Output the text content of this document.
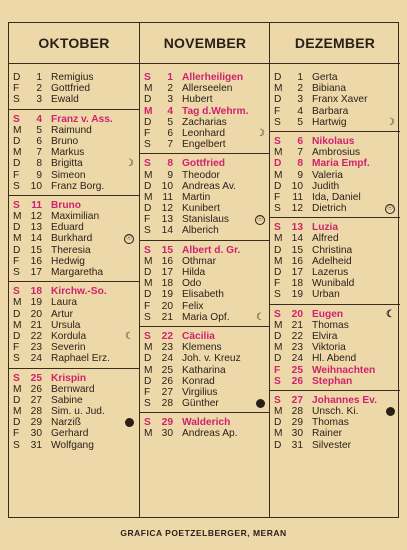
OKTOBER
D	1 Remigius
F	2 Gottfried
S	3 Ewald
S	4 Franz v. Ass.
M	5 Raimund
D	6 Bruno
M	7 Markus
D	8 Brigitta	☽
F	9 Simeon
S 10 Franz Borg.
S	11 Bruno
M 12 Maximilian
D 13 Eduard
M 14 Burkhard	☉
D 15 Theresia
F 16 Hedwig
S 17 Margaretha
S 18 Kirchw.-So.
M 19 Laura
D 20 Artur
M 21 Ursula
D 22 Kordula	☾
F 23 Severin
S 24 Raphael Erz.
S 25 Krispin
M 26 Bernward
D 27 Sabine
M 28 Sim. u. Jud.
D 29 Narziß
F 30 Gerhard
S 31 Wolfgang
NOVEMBER
S	1 Allerheiligen
M	2 Allerseelen
D	3 Hubert
M	4 Tag d.Wehrm.
D	5 Zacharias
F	6 Leonhard	☽
S	7 Engelbert
S	8 Gottfried
M	9 Theodor
D 10 Andreas Av.
M 11 Martin
D 12 Kunibert
F 13 Stanislaus	☉
S 14 Alberich
S 15 Albert d. Gr.
M 16 Othmar
D 17 Hilda
M 18 Odo
D 19 Elisabeth
F 20 Felix
S 21 Maria Opf.	☾
S 22 Cäcilia
M 23 Klemens
D 24 Joh. v. Kreuz
M 25 Katharina
D 26 Konrad
F 27 Virgilius
S 28 Günther
S 29 Walderich
M 30 Andreas Ap.
DEZEMBER
D	1 Gerta
M	2 Bibiana
D	3 Franx Xaver
F	4 Barbara
S	5 Hartwig	☽
S	6 Nikolaus
M	7 Ambrosius
D	8 Maria Empf.
M	9 Valeria
D 10 Judith
F	11 Ida, Daniel
S 12 Dietrich	☉
S 13 Luzia
M 14 Alfred
D 15 Christina
M 16 Adelheid
D 17 Lazerus
F 18 Wunibald
S 19 Urban
S 20 Eugen	☾
M 21 Thomas
D 22 Elvira
M 23 Viktoria
D 24 Hl. Abend
F 25 Weihnachten
S 26 Stephan
S 27 Johannes Ev.
M 28 Unsch. Ki.
D 29 Thomas
M 30 Rainer
D 31 Silvester
GRAFICA POETZELBERGER, MERAN
